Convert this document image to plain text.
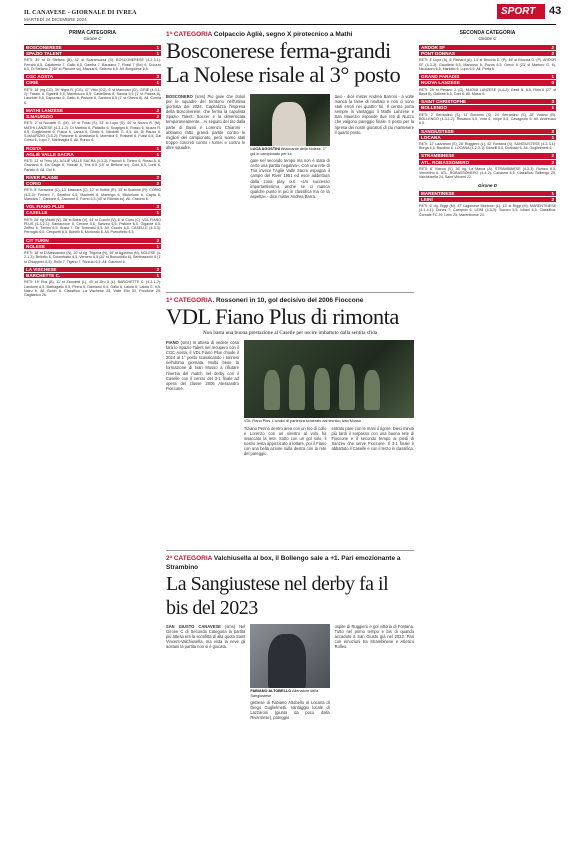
IL CANAVESE - GIORNALE DI IVREA
MARTEDÌ 24 DICEMBRE 2024
SPORT	43
PRIMA CATEGORIA
Girone C
BOSCONERESE	1
SPAZIO TALENT	1
RETI: 30' st Di Stefano (B), 42' st Scaramuzza (S). BOSCONERESE (4-2-3-1): Ferraro 6,5, Calabrese 7, Gallo 6,5, Gamba 7, Bausano 7, Rossi 7 (Bo) 6, Cuozzo 6,5, Di Stefano 7 (40' st Piccone sv), Mazzai 6, Salerno 6,5. All. Borgolese 6,5.
CGC AOSTA	3
CIRIÈ	1
RETI: 18' (rig CG), 39' Nigra R. (CG), 47' Vitto (CG), 6' st Mancuso (Ci). CIRIÈ (4-3-1-2): Fassio 6, Sgarelli 5,5, Mambucco 5,5, Castellana 6, Sanua 5,5 (1' st Piazza 6), Lanzidei 5,5, Caporaso 6, Gatto 6, Pistone 6, Santoro 6,5 (1' st Gheza 6). All. Cornia 6.
MATHI LANZESE	2
S.MAURIZIO	2
RETI: 2' st Nicoletti G. (M), 10' st Fussi (S), 33' st Lupo (S), 44' st Nuzzo R. (M). MATHI LANZESE (4-3-1-2): Di Martino 6, Palladio 6, Scapigni 6, Rosso 6, Nuzzo R. 6,5, Guglielmetti 6, Fusca 6, Lanza 6, Giotto 6, Nicoletti G. 6,5. All. Di Rauso 6. S.MAURIZIO (3-5-2): Panzone 6, Anastasio 6, Mormina 6, Rossetti 6, Fussi 6,5, Dal Corso 6, Lupo 7, Martinaglia 6. All. Ronco 6.
ROSTA	1
AGLIÈ VALLE SACRA	1
RETI: 12' st Trino (A). AGLIÈ VALLE SACRA (4-3-3): Faccioli 6, Tonino 6, Russo A. 6, Graziano 6, Da Sagia 6, Vicinali 6, Tria 6,5 (15' st Bellone sv), Colò 6,5, Lonti 6, Parlato 6. All. Goi 6.
RIVER PLAINE	2
CORIO	2
RETI: 8' Scravone (C), 13' Mascara (C), 12' st Sottile (R), 35' st Scalone (R). CORIO (4-3-3): Ferrero 7, Serafino 6,5, Machetti 6, Marengo 6, Michelone 6, Capra 6, Mascara 7, Cantone 6, Zaccone 6, Forno 6,5 (40' st Ribotta sv). All. Cravero 6.
VDL FIANO PLUS	3
CASELLE	1
RETI: 26' rig Vidotti (V), 38' st Bussi (V), 44' st Cocchi (V), 6' st Ciuro (C). VDL FIANO PLUS (4-3-2-1): Santacroce 6, Cerone 5,5, Sanzeu 6,5, Pistone 6,5, Gigante 6,5, Zeffiro 6, Tonino 6,5, Bussi 7, De Tommasi 6,5. All. Cocchi 6,5. CASELLE (4-3-3): Perroglio 6,5, Cerquetti 6,5, Bonelli 6, Moriondo 6. All. Parnofiello 6,5.
CIT TURIN	3
NOLESE	1
RETI: 18' st D'Alessandro (N), 20' st rig. Trigona (N), 45' st Agostino (N). NOLESE (4-2-1-3): Bellotto 6, Colombatto 6,5, Vernero 6,5 (20' st Boncoddio 6), Bertinazzolo 6 (1' st Chiappero 6,5), Rollo 7, Tigano 7, Rizzuto 6,5. All. Garzioni 6.
LA VISCHESE	2
BARCHETTE C.	1
RETI: 19' Ros (B), 11' st Zanoletti (L), 43' st Ziro 5 (L). BARCHETTE C. (4-3-1-2): Landone 6,5, Barbagallo 6,5, Pirera 6, Damiano 6,5, Gallo 6, Laiola 6, Laiola E. 6,5, Nairu 6. All. Bonin 6. Classifica: La Vischese 28, Valle Elio 33, Pondone 29, Gaglianico 26.
1ª CATEGORIA Colpaccio Agliè, segno X pirotecnico a Mathi
Bosconerese ferma-grandi La Nolese risale al 3° posto
BOSCONERO (sms) Pio gioie che dolori per le squadre del territorio nell'ultima giornata del 2024. Capitalizza l'impresa della Bosconerese, che ferma la capolista Spazio Talent. Soccer e la dimenticata temporaneamente... Ai seguito del tiro dalla parte di Bussi e Lorenzo Chiaroni - abbiamo fatto grandi partite contro le migliori del campionato, però siamo stati troppo concreti contro i tornei e contro le altre squadre.	LUCA AGOSTINI Attaccante della Nolese. 1° gol in campionato per lui
gare nel secondo tempo ma non è stata di certo una partita negativa». Con una rete di Tria invece l'Agliè Valle Sacra espugna il campo del River 1951 ed esce addirittura dalla zona play out. «Un successo importantissimo, anche se ci manca qualche punto in più in classifica ma ce la aspetta» - dice mister Andrea Barra.
tavo - dice mister Andrea Barroni - a volte manca la fame di risultato e non ci sono stati errori nei quattro tiri. Il centro porta sempre in vantaggio il Mathi Lanzese e San Maurizio risponde due reti di Nuzzo che valgono pareggio finale. Il posto per la ripresa dei nostri giocatori di cui mantenere il quarto posto.
1ª CATEGORIA. Rossoneri in 10, gol decisivo del 2006 Fioccone
VDL Fiano Plus di rimonta
Non basta una buona prestazione al Caselle per uscire imbattuto dalla sentita sfida
FIANO (sms) In attesa di vedere cosa farà lo Spazio Talent nel recupero con il CGC Aosta, il VDL Fiano Plus chiude il 2024 al 1° posto scavalcando i torinesi nell'ultima giornata. Molto bene la formazione di Ivan Musso a rifiutare l'inerzia del match nel derby con il Caselle con il centro del 3-1 finale ad opera del classe 2006 Alessandro Fioccone.
VDL Fiano Plus. L'undici di partenza schierato dal tecnico Ivan Musso
Tiziano Perino dentro area con un tiro di collo e Lorenzo con un sinistro al volo ha insaccato la rete. Sotto con un gol solo, il nostro resta appiccicato a lottare, poi il Fiano con una bella azione sulla destra con la rete del pareggio.
entrato pare con le mani il rigore. Dieci minuti più tardi il sorpasso con una buona rete di Fioccone e il secondo tempo ai piedi di Sanzeu che serve Fioccone. Il 3-1 finale è abbattuto il Caselle e con il terzo in classifica.
2ª CATEGORIA Valchiusella al box, il Bollengo sale a +1. Pari emozionante a Strambino
La Sangiustese nel derby fa il bis del 2023
SAN GIUSTO CANAVESE (sms) Nel Girone C di Seconda Categoria la partita più attesa era la sconfitta di alla quota Saint Vincent-Valchiusella, ma vista la neve gli aostani la partita non si è giocata.
FABIANO ALTOBELLO Allenatore della Sangiustese
gistrese di Fabiano Altobello al Locana di Diego Guglielmetti. Vantaggio locale di Lazzaroni (giunta da poco dalla Rivarolese), pareggio
ospite di Ruggiero e gol vittoria di Fontana. Tutto nel primo tempo e bis di quando accaduto a San Giusto già nel 2023. Pari con emozioni tra Strambinese e Atletico Rolleo.
SECONDA CATEGORIA
Girone C
ARDOR SF	2
PONT DONNAS	2
RETI: 4' Lupo (A), 6' Richard (A), 14' st Broccia D. (P), 46' st Broccia D. (P). ARDOR SF (4-3-3): Gaudiera 6,5, Mancuso 6, Pozza 6,5, Greco 6 (23' st Marturo G. 6), Nicolazzo 6,5, Mariotto 6, Lupo 6,5. All. Porta 6.
GRAND PARADIS	1
NUOVA LANZESE	0
RETI: 25' st Pimano J. (G). NUOVA LANZESE (4-4-2): Gesti N. 6,5, Rinn 6 (27' st Bava 6), Gallone 6,5, Coni 6. All. Masci 6.
SAINT CHRISTOPHE	3
BOLLENGO	1
RETI: 2' Serrantino (S), 11' Bonomo (S), 24' Serrantino (S), 28' Volano (B). BOLLENGO (4-3-1-2): Rosasco 5,5, Vota 6, Volpe 5,5, Cavagnolo 6. All. Andreucci 6,5.
SANGIUSTESE	2
LOCANA	1
RETI: 12' Lazzaroni (S), 28' Ruggiero (L), 42' Fontana (S). SANGIUSTESE (4-2-3-1): Borga 6,5, Baudino 6. LOCANA (4-2-3-1): Bonelli 6,5, Dorinato 6. All. Guglielmetti 6.
STRAMBINESE	2
ATL. ROBASSOMERO	2
RETI: 8' Viacon (S), 36' rig. La Marca (A). STRAMBINESE (4-3-3): Romeo 6,5, Vercellino 6. ATL. ROBASSOMERO (4-4-2): Cavanna 6,5. Classifica: Bollengo 29, Valchiusella 24, Saint Vincent 22.
Girone D
MARENTINESE	1
LEINÌ	2
RETI: 6' rig. Riggi (M), 47' Lagonese Montuori (L), 13' st Riggi (M). MARENTINESE (4-1-4-1): Dones 7, Campolo 6. LEINÌ (4-3-3): Scuoro 5,5, Iuliani 6,5. Classifica: Cornale FC 29, Leinì 25, Marentinese 24.
